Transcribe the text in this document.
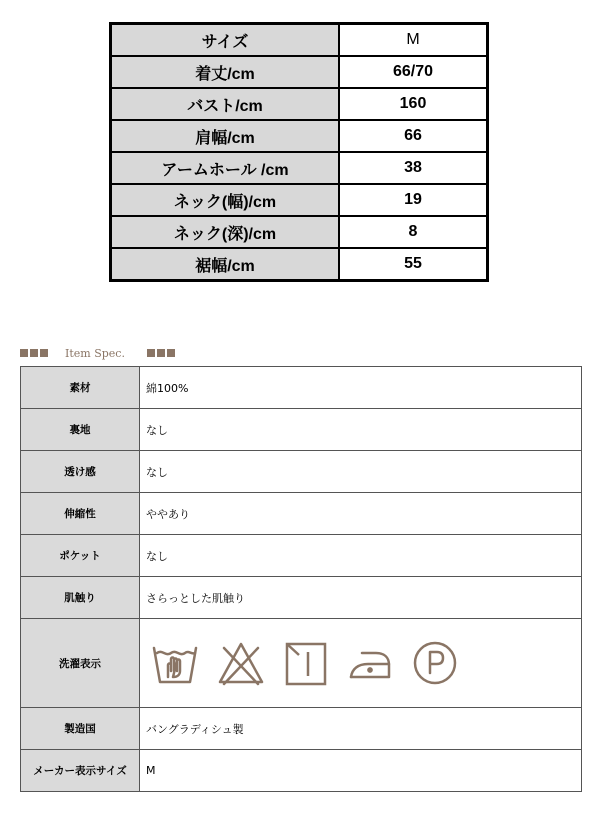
サイズ	M
着丈/cm	66/70
バスト/cm	160
肩幅/cm	66
アームホール /cm	38
ネック(幅)/cm	19
ネック(深)/cm	8
裾幅/cm	55
Item Spec.
素材	綿100%
裏地	なし
透け感	なし
伸縮性	ややあり
ポケット	なし
肌触り	さらっとした肌触り
洗濯表示	

製造国	バングラディシュ製
メーカー表示サイズ	M
